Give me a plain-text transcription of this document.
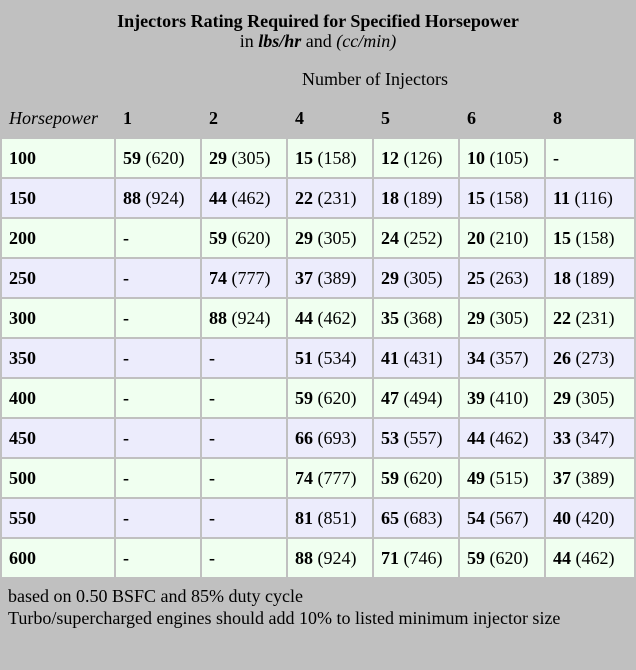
Injectors Rating Required for Specified Horsepower
in lbs/hr and (cc/min)						

	Number of Injectors					
Horsepower	1	2	4	5	6	8
100	59 (620)	29 (305)	15 (158)	12 (126)	10 (105)	-
150	88 (924)	44 (462)	22 (231)	18 (189)	15 (158)	11 (116)
200	-	59 (620)	29 (305)	24 (252)	20 (210)	15 (158)
250	-	74 (777)	37 (389)	29 (305)	25 (263)	18 (189)
300	-	88 (924)	44 (462)	35 (368)	29 (305)	22 (231)
350	-	-	51 (534)	41 (431)	34 (357)	26 (273)
400	-	-	59 (620)	47 (494)	39 (410)	29 (305)
450	-	-	66 (693)	53 (557)	44 (462)	33 (347)
500	-	-	74 (777)	59 (620)	49 (515)	37 (389)
550	-	-	81 (851)	65 (683)	54 (567)	40 (420)
600	-	-	88 (924)	71 (746)	59 (620)	44 (462)
based on 0.50 BSFC and 85% duty cycle
Turbo/supercharged engines should add 10% to listed minimum injector size
